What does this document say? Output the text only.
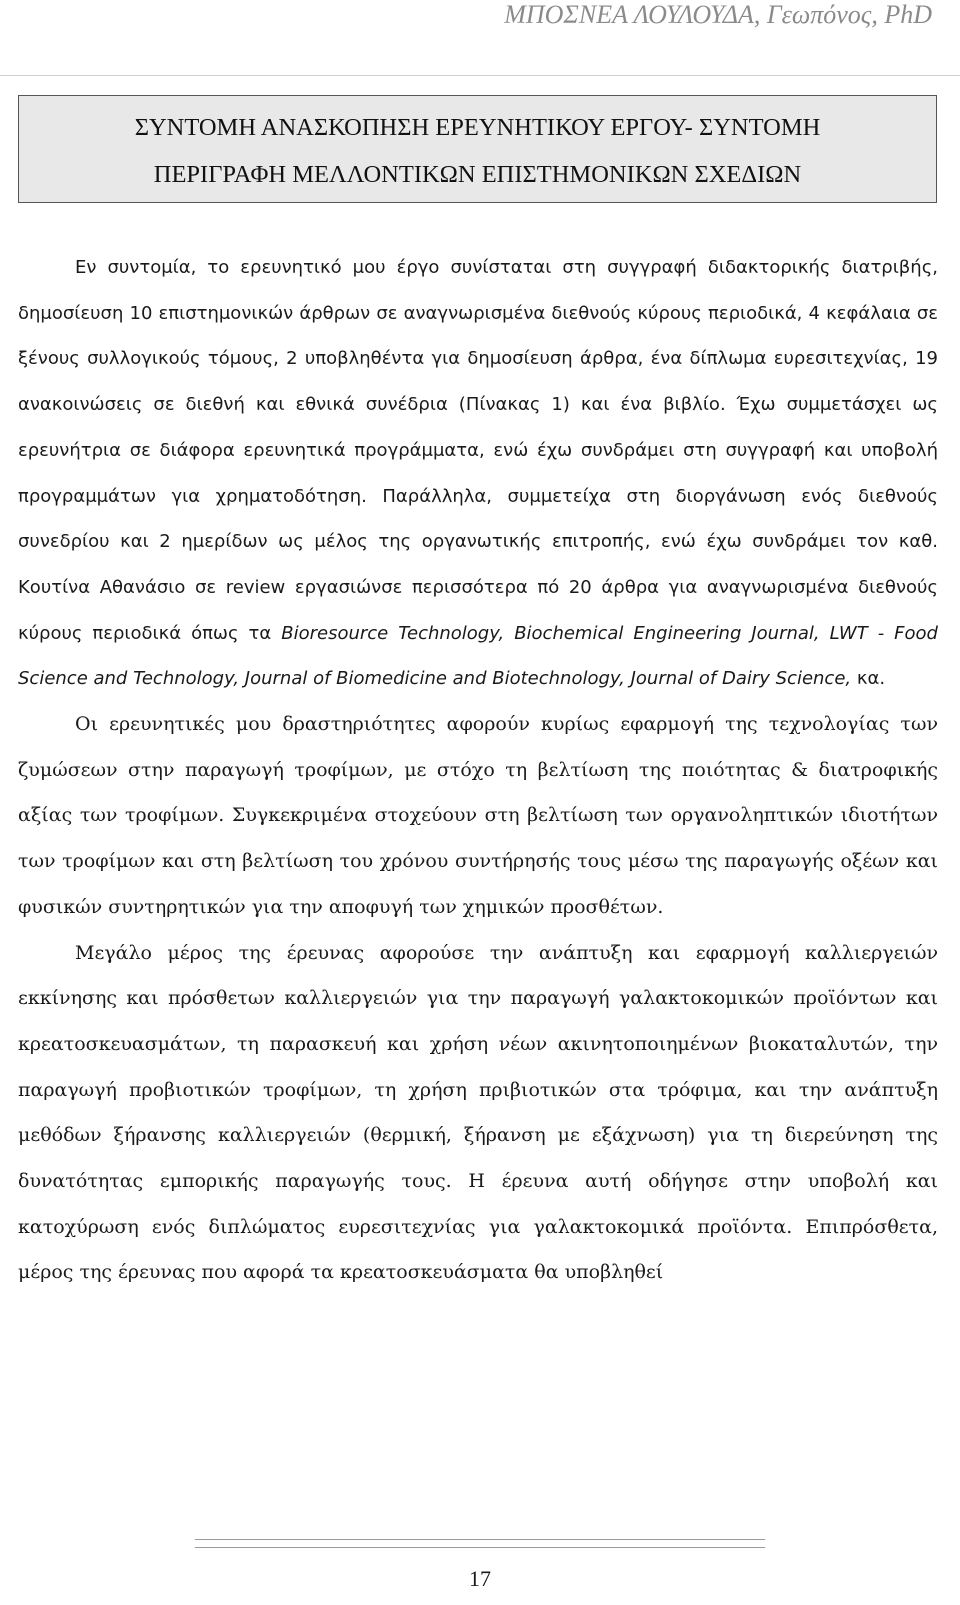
ΜΠΟΣΝΕΑ ΛΟΥΛΟΥΔΑ, Γεωπόνος, PhD
ΣΥΝΤΟΜΗ ΑΝΑΣΚΟΠΗΣΗ ΕΡΕΥΝΗΤΙΚΟΥ ΕΡΓΟΥ- ΣΥΝΤΟΜΗ
ΠΕΡΙΓΡΑΦΗ ΜΕΛΛΟΝΤΙΚΩΝ ΕΠΙΣΤΗΜΟΝΙΚΩΝ ΣΧΕΔΙΩΝ

Εν συντομία, το ερευνητικό μου έργο συνίσταται στη συγγραφή διδακτορικής διατριβής, δημοσίευση 10 επιστημονικών άρθρων σε αναγνωρισμένα διεθνούς κύρους περιοδικά, 4 κεφάλαια σε ξένους συλλογικούς τόμους, 2 υποβληθέντα για δημοσίευση άρθρα, ένα δίπλωμα ευρεσιτεχνίας, 19 ανακοινώσεις σε διεθνή και εθνικά συνέδρια (Πίνακας 1) και ένα βιβλίο. Έχω συμμετάσχει ως ερευνήτρια σε διάφορα ερευνητικά προγράμματα, ενώ έχω συνδράμει στη συγγραφή και υποβολή προγραμμάτων για χρηματοδότηση. Παράλληλα, συμμετείχα στη διοργάνωση ενός διεθνούς συνεδρίου και 2 ημερίδων ως μέλος της οργανωτικής επιτροπής, ενώ έχω συνδράμει τον καθ. Κουτίνα Αθανάσιο σε review εργασιώνσε περισσότερα πό 20 άρθρα για αναγνωρισμένα διεθνούς κύρους περιοδικά όπως τα Bioresource Technology, Biochemical Engineering Journal, LWT - Food Science and Technology, Journal of Biomedicine and Biotechnology, Journal of Dairy Science, κα.

Οι ερευνητικές μου δραστηριότητες αφορούν κυρίως εφαρμογή της τεχνολογίας των ζυμώσεων στην παραγωγή τροφίμων, με στόχο τη βελτίωση της ποιότητας & διατροφικής αξίας των τροφίμων. Συγκεκριμένα στοχεύουν στη βελτίωση των οργανοληπτικών ιδιοτήτων των τροφίμων και στη βελτίωση του χρόνου συντήρησής τους μέσω της παραγωγής οξέων και φυσικών συντηρητικών για την αποφυγή των χημικών προσθέτων.

Μεγάλο μέρος της έρευνας αφορούσε την ανάπτυξη και εφαρμογή καλλιεργειών εκκίνησης και πρόσθετων καλλιεργειών για την παραγωγή γαλακτοκομικών προϊόντων και κρεατοσκευασμάτων, τη παρασκευή και χρήση νέων ακινητοποιημένων βιοκαταλυτών, την παραγωγή προβιοτικών τροφίμων, τη χρήση πριβιοτικών στα τρόφιμα, και την ανάπτυξη μεθόδων ξήρανσης καλλιεργειών (θερμική, ξήρανση με εξάχνωση) για τη διερεύνηση της δυνατότητας εμπορικής παραγωγής τους. Η έρευνα αυτή οδήγησε στην υποβολή και κατοχύρωση ενός διπλώματος ευρεσιτεχνίας για γαλακτοκομικά προϊόντα. Επιπρόσθετα, μέρος της έρευνας που αφορά τα κρεατοσκευάσματα θα υποβληθεί

17
